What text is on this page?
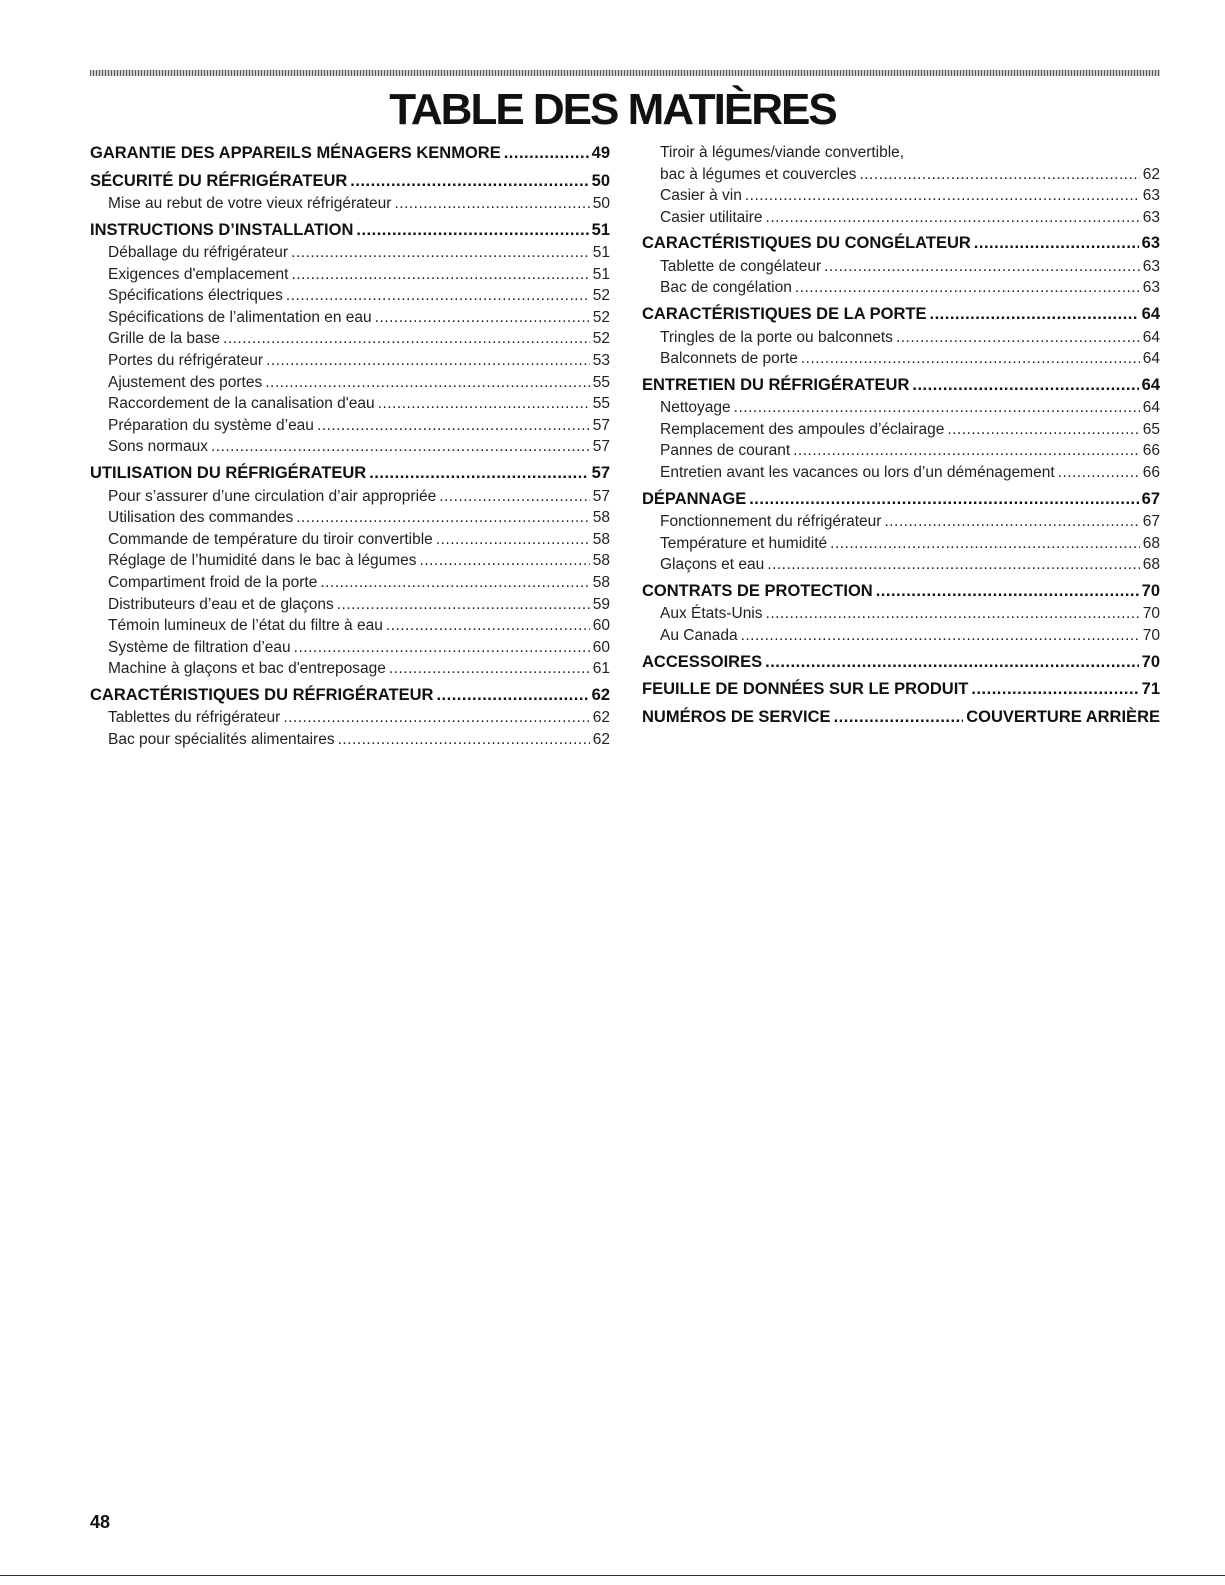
TABLE DES MATIÈRES
GARANTIE DES APPAREILS MÉNAGERS KENMORE .....	49
SÉCURITÉ DU RÉFRIGÉRATEUR .....	50
Mise au rebut de votre vieux réfrigérateur .....	50
INSTRUCTIONS D’INSTALLATION .....	51
Déballage du réfrigérateur .....	51
Exigences d'emplacement .....	51
Spécifications électriques .....	52
Spécifications de l’alimentation en eau .....	52
Grille de la base .....	52
Portes du réfrigérateur .....	53
Ajustement des portes .....	55
Raccordement de la canalisation d'eau .....	55
Préparation du système d’eau .....	57
Sons normaux .....	57
UTILISATION DU RÉFRIGÉRATEUR .....	57
Pour s’assurer d’une circulation d’air appropriée .....	57
Utilisation des commandes .....	58
Commande de température du tiroir convertible .....	58
Réglage de l’humidité dans le bac à légumes .....	58
Compartiment froid de la porte .....	58
Distributeurs d’eau et de glaçons .....	59
Témoin lumineux de l’état du filtre à eau .....	60
Système de filtration d’eau .....	60
Machine à glaçons et bac d'entreposage .....	61
CARACTÉRISTIQUES DU RÉFRIGÉRATEUR .....	62
Tablettes du réfrigérateur .....	62
Bac pour spécialités alimentaires .....	62
Tiroir à légumes/viande convertible,
bac à légumes et couvercles .....	62
Casier à vin .....	63
Casier utilitaire .....	63
CARACTÉRISTIQUES DU CONGÉLATEUR .....	63
Tablette de congélateur .....	63
Bac de congélation .....	63
CARACTÉRISTIQUES DE LA PORTE .....	64
Tringles de la porte ou balconnets .....	64
Balconnets de porte .....	64
ENTRETIEN DU RÉFRIGÉRATEUR .....	64
Nettoyage .....	64
Remplacement des ampoules d’éclairage .....	65
Pannes de courant .....	66
Entretien avant les vacances ou lors d’un déménagement .....	66
DÉPANNAGE .....	67
Fonctionnement du réfrigérateur .....	67
Température et humidité .....	68
Glaçons et eau .....	68
CONTRATS DE PROTECTION .....	70
Aux États-Unis .....	70
Au Canada .....	70
ACCESSOIRES .....	70
FEUILLE DE DONNÉES SUR LE PRODUIT .....	71
NUMÉROS DE SERVICE .....	COUVERTURE ARRIÈRE
48
